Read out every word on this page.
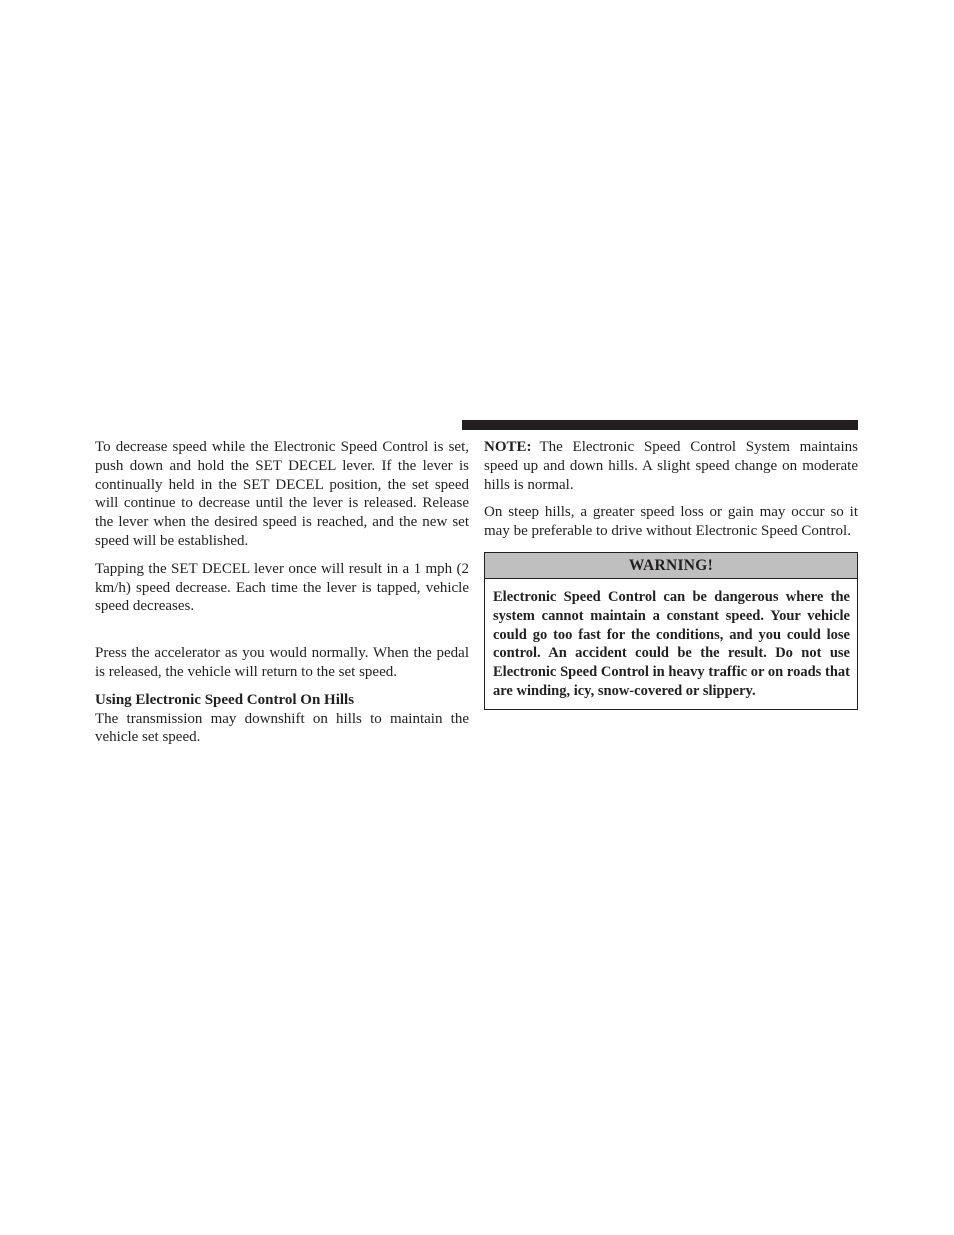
To decrease speed while the Electronic Speed Control is set, push down and hold the SET DECEL lever. If the lever is continually held in the SET DECEL position, the set speed will continue to decrease until the lever is released. Release the lever when the desired speed is reached, and the new set speed will be established.

Tapping the SET DECEL lever once will result in a 1 mph (2 km/h) speed decrease. Each time the lever is tapped, vehicle speed decreases.

Press the accelerator as you would normally. When the pedal is released, the vehicle will return to the set speed.

Using Electronic Speed Control On Hills

The transmission may downshift on hills to maintain the vehicle set speed.

NOTE: The Electronic Speed Control System maintains speed up and down hills. A slight speed change on moderate hills is normal.

On steep hills, a greater speed loss or gain may occur so it may be preferable to drive without Electronic Speed Control.

WARNING!
Electronic Speed Control can be dangerous where the system cannot maintain a constant speed. Your vehicle could go too fast for the conditions, and you could lose control. An accident could be the result. Do not use Electronic Speed Control in heavy traffic or on roads that are winding, icy, snow-covered or slippery.
